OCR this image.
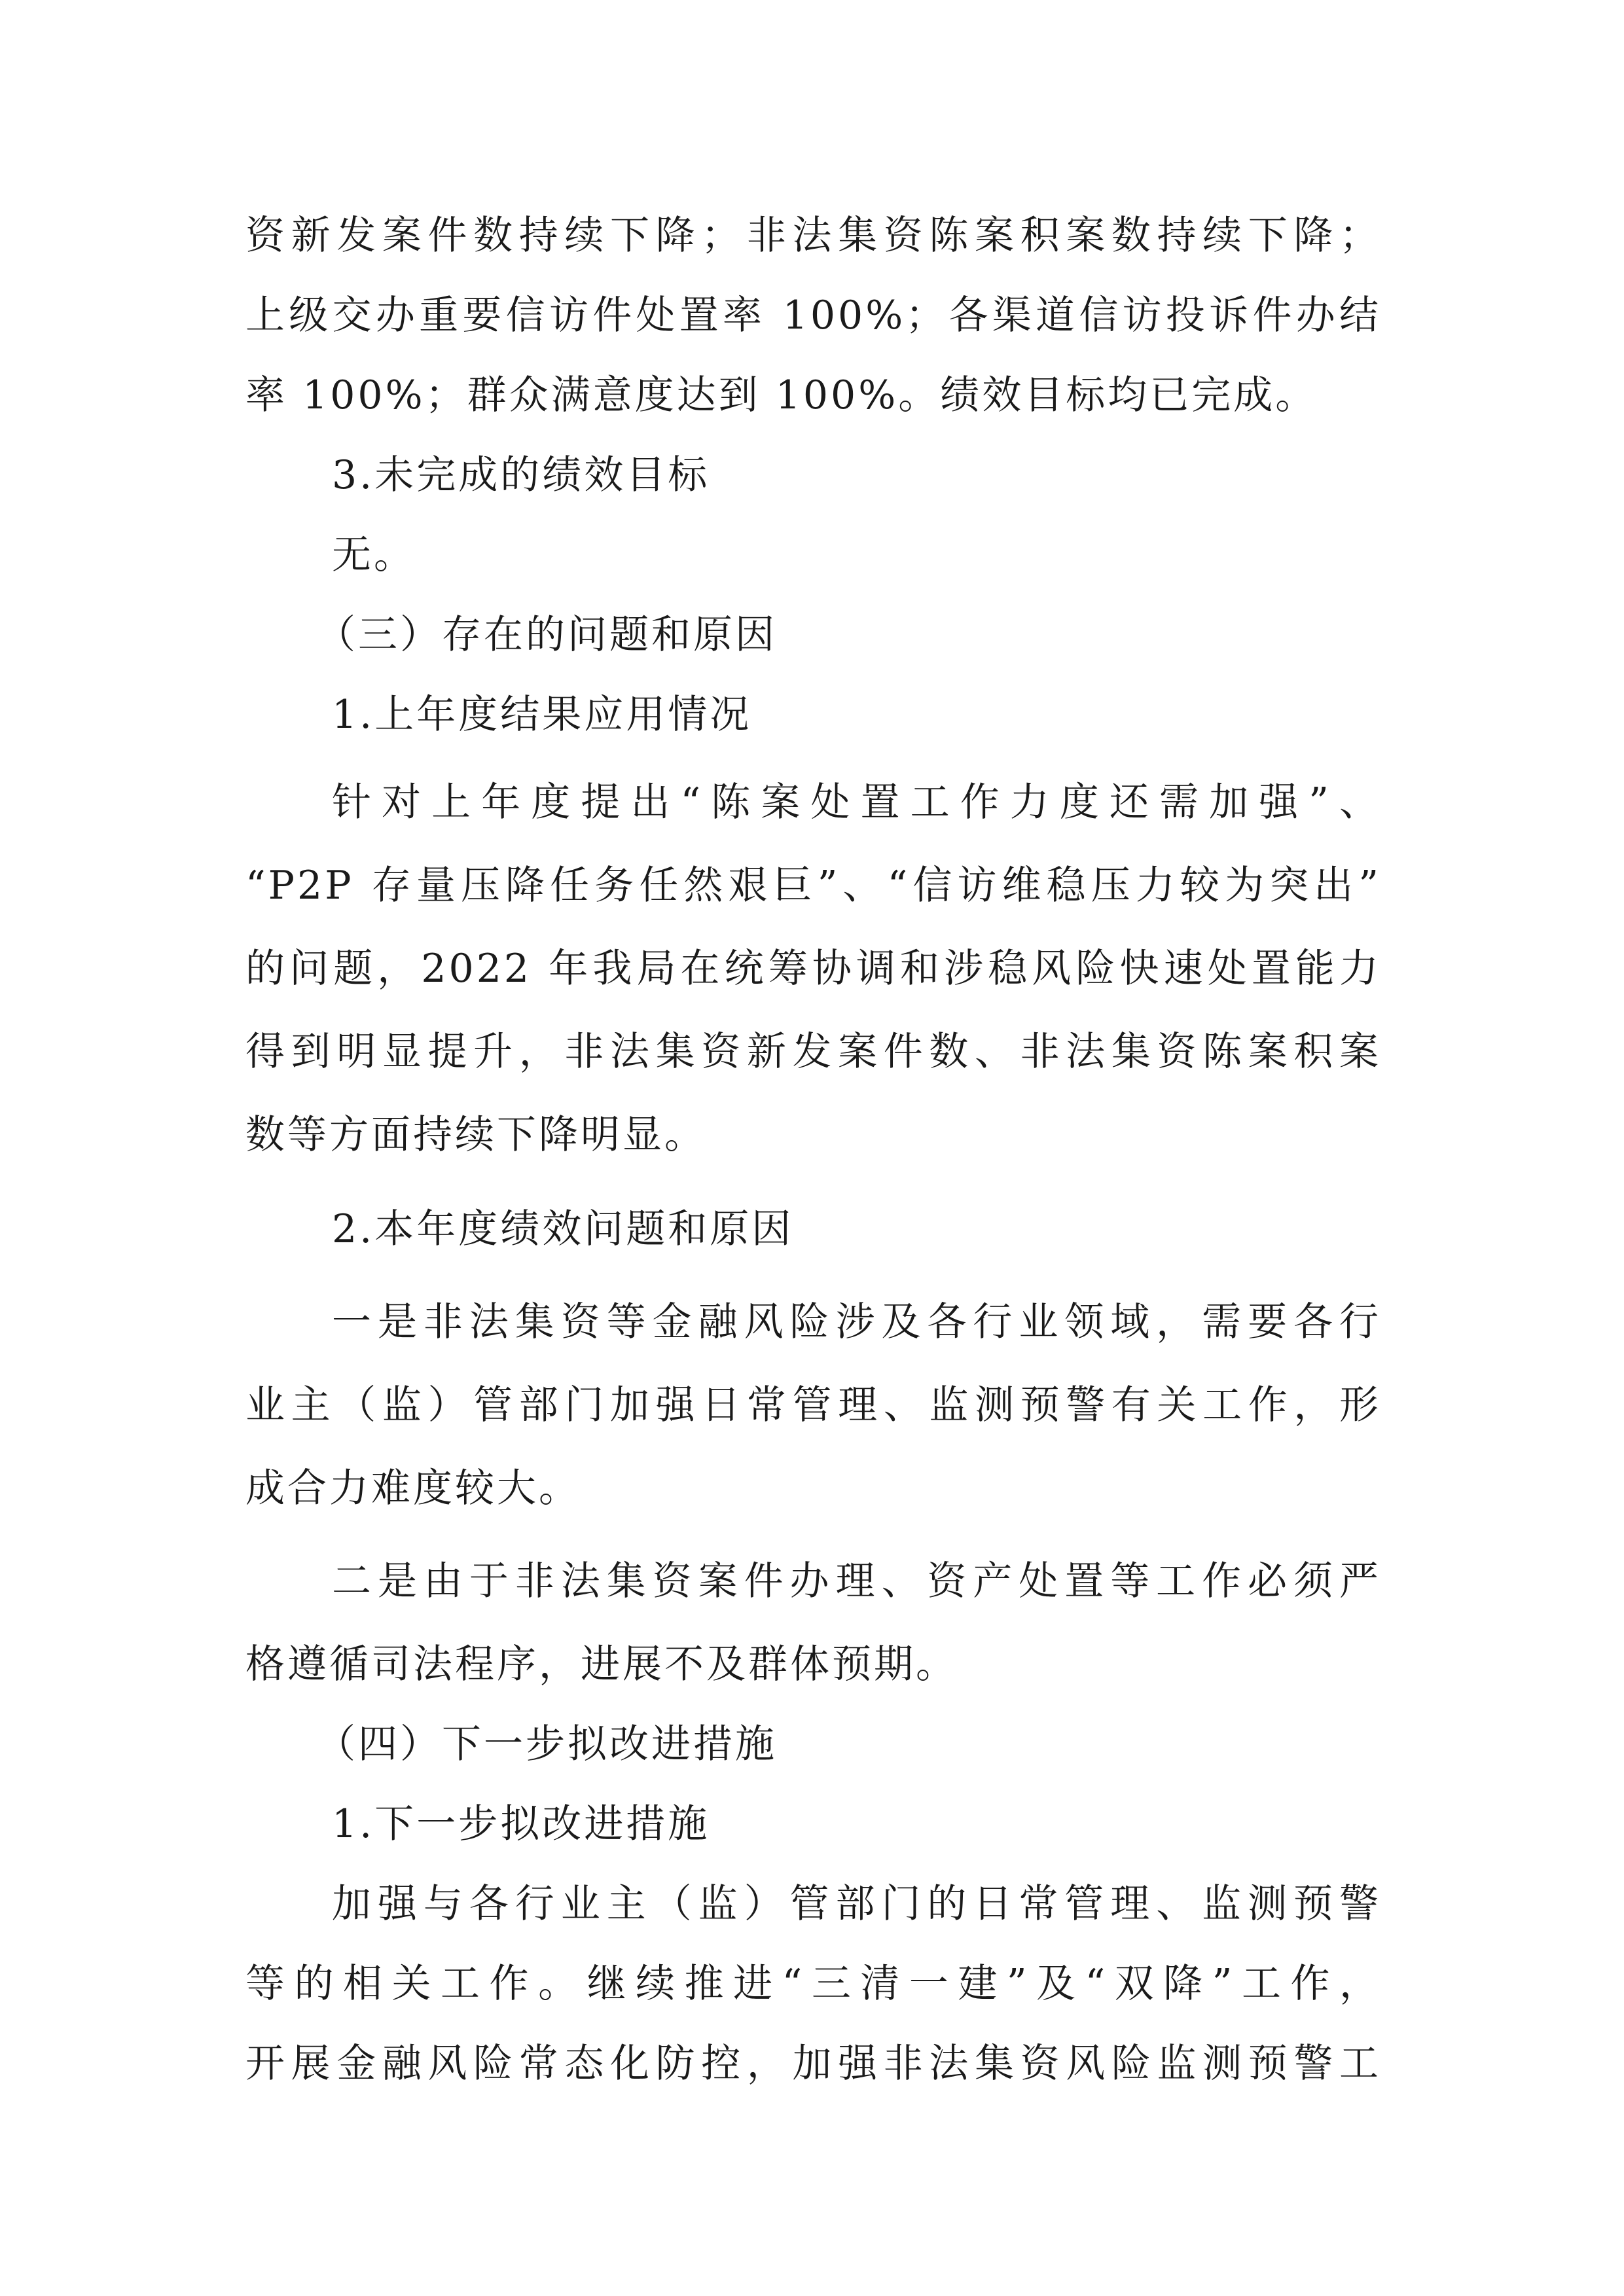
资新发案件数持续下降；非法集资陈案积案数持续下降；
上级交办重要信访件处置率 100%；各渠道信访投诉件办结
率 100%；群众满意度达到 100%。绩效目标均已完成。
3.未完成的绩效目标
无。
（三）存在的问题和原因
1.上年度结果应用情况
针对上年度提出“陈案处置工作力度还需加强”、
“P2P 存量压降任务任然艰巨”、“信访维稳压力较为突出”
的问题，2022 年我局在统筹协调和涉稳风险快速处置能力
得到明显提升，非法集资新发案件数、非法集资陈案积案
数等方面持续下降明显。
2.本年度绩效问题和原因
一是非法集资等金融风险涉及各行业领域，需要各行
业主（监）管部门加强日常管理、监测预警有关工作，形
成合力难度较大。
二是由于非法集资案件办理、资产处置等工作必须严
格遵循司法程序，进展不及群体预期。
（四）下一步拟改进措施
1.下一步拟改进措施
加强与各行业主（监）管部门的日常管理、监测预警
等的相关工作。继续推进“三清一建”及“双降”工作，
开展金融风险常态化防控，加强非法集资风险监测预警工
